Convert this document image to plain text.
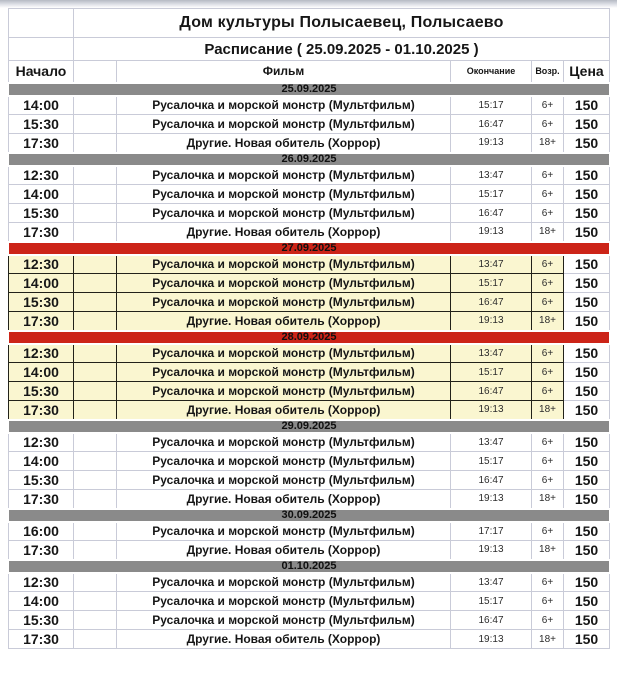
	Дом культуры Полысаевец, Полысаево				
	Расписание ( 25.09.2025 - 01.10.2025 )				
Начало		Фильм	Окончание	Возр.	Цена
25.09.2025					
14:00		Русалочка и морской монстр (Мультфильм)	15:17	6+	150
15:30		Русалочка и морской монстр (Мультфильм)	16:47	6+	150
17:30		Другие. Новая обитель (Хоррор)	19:13	18+	150
26.09.2025					
12:30		Русалочка и морской монстр (Мультфильм)	13:47	6+	150
14:00		Русалочка и морской монстр (Мультфильм)	15:17	6+	150
15:30		Русалочка и морской монстр (Мультфильм)	16:47	6+	150
17:30		Другие. Новая обитель (Хоррор)	19:13	18+	150
27.09.2025					
12:30		Русалочка и морской монстр (Мультфильм)	13:47	6+	150
14:00		Русалочка и морской монстр (Мультфильм)	15:17	6+	150
15:30		Русалочка и морской монстр (Мультфильм)	16:47	6+	150
17:30		Другие. Новая обитель (Хоррор)	19:13	18+	150
28.09.2025					
12:30		Русалочка и морской монстр (Мультфильм)	13:47	6+	150
14:00		Русалочка и морской монстр (Мультфильм)	15:17	6+	150
15:30		Русалочка и морской монстр (Мультфильм)	16:47	6+	150
17:30		Другие. Новая обитель (Хоррор)	19:13	18+	150
29.09.2025					
12:30		Русалочка и морской монстр (Мультфильм)	13:47	6+	150
14:00		Русалочка и морской монстр (Мультфильм)	15:17	6+	150
15:30		Русалочка и морской монстр (Мультфильм)	16:47	6+	150
17:30		Другие. Новая обитель (Хоррор)	19:13	18+	150
30.09.2025					
16:00		Русалочка и морской монстр (Мультфильм)	17:17	6+	150
17:30		Другие. Новая обитель (Хоррор)	19:13	18+	150
01.10.2025					
12:30		Русалочка и морской монстр (Мультфильм)	13:47	6+	150
14:00		Русалочка и морской монстр (Мультфильм)	15:17	6+	150
15:30		Русалочка и морской монстр (Мультфильм)	16:47	6+	150
17:30		Другие. Новая обитель (Хоррор)	19:13	18+	150
